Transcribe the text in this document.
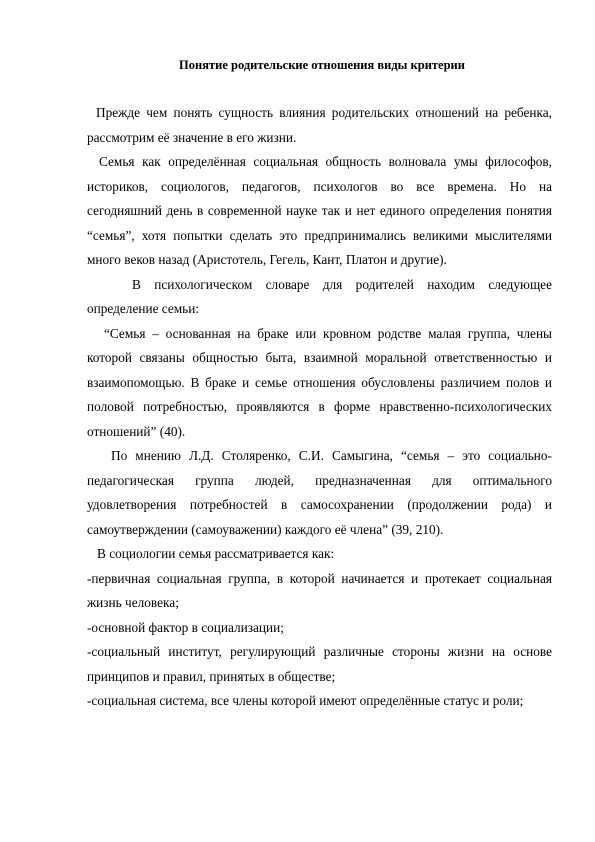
Понятие родительские отношения виды критерии

Прежде чем понять сущность влияния родительских отношений на ребенка, рассмотрим её значение в его жизни.

Семья как определённая социальная общность волновала умы философов, историков, социологов, педагогов, психологов во все времена. Но на сегодняшний день в современной науке так и нет единого определения понятия “семья”, хотя попытки сделать это предпринимались великими мыслителями много веков назад (Аристотель, Гегель, Кант, Платон и другие).

В психологическом словаре для родителей находим следующее определение семьи:

“Семья – основанная на браке или кровном родстве малая группа, члены которой связаны общностью быта, взаимной моральной ответственностью и взаимопомощью. В браке и семье отношения обусловлены различием полов и половой потребностью, проявляются в форме нравственно-психологических отношений” (40).

По мнению Л.Д. Столяренко, С.И. Самыгина, “семья – это социально-педагогическая группа людей, предназначенная для оптимального удовлетворения потребностей в самосохранении (продолжении рода) и самоутверждении (самоуважении) каждого её члена” (39, 210).

В социологии семья рассматривается как:

-первичная социальная группа, в которой начинается и протекает социальная жизнь человека;

-основной фактор в социализации;

-социальный институт, регулирующий различные стороны жизни на основе принципов и правил, принятых в обществе;

-социальная система, все члены которой имеют определённые статус и роли;
